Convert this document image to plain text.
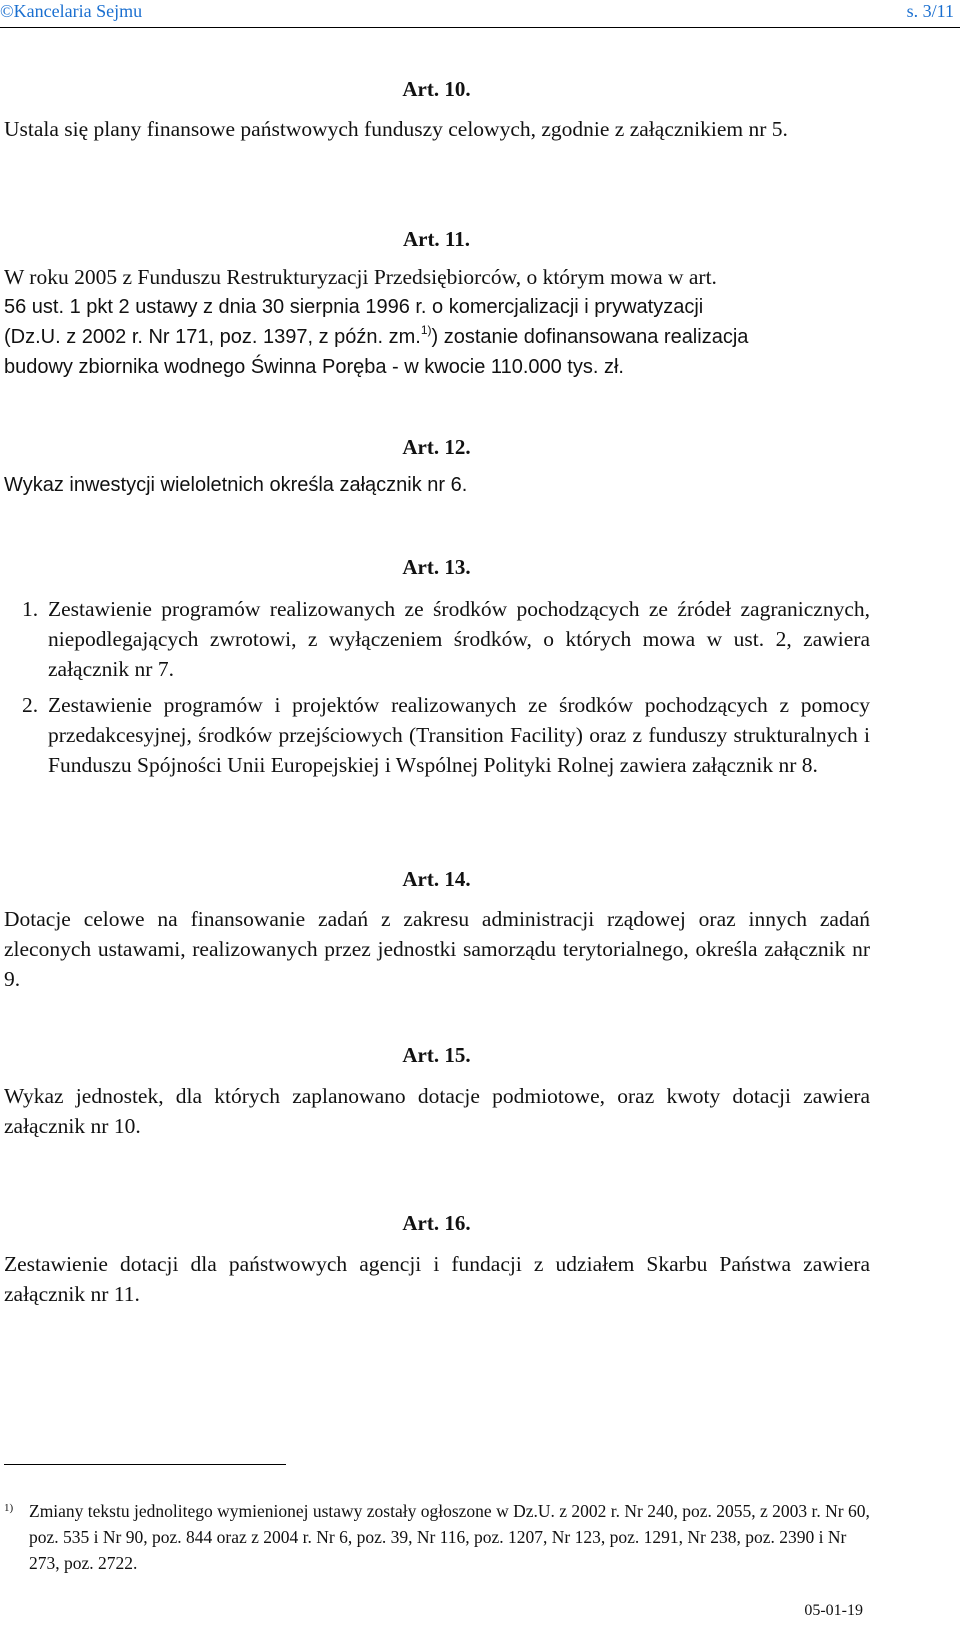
©Kancelaria Sejmu	s. 3/11
Art. 10.
Ustala się plany finansowe państwowych funduszy celowych, zgodnie z załącznikiem nr 5.
Art. 11.
W roku 2005 z Funduszu Restrukturyzacji Przedsiębiorców, o którym mowa w art.
56 ust. 1 pkt 2 ustawy z dnia 30 sierpnia 1996 r. o komercjalizacji i prywatyzacji
(Dz.U. z 2002 r. Nr 171, poz. 1397, z późn. zm.$^{1)}$) zostanie dofinansowana realizacja
budowy zbiornika wodnego Świnna Poręba - w kwocie 110.000 tys. zł.
Art. 12.
Wykaz inwestycji wieloletnich określa załącznik nr 6.
Art. 13.
1. Zestawienie programów realizowanych ze środków pochodzących ze źródeł zagranicznych, niepodlegających zwrotowi, z wyłączeniem środków, o których mowa w ust. 2, zawiera załącznik nr 7.
2. Zestawienie programów i projektów realizowanych ze środków pochodzących z pomocy przedakcesyjnej, środków przejściowych (Transition Facility) oraz z funduszy strukturalnych i Funduszu Spójności Unii Europejskiej i Wspólnej Polityki Rolnej zawiera załącznik nr 8.
Art. 14.
Dotacje celowe na finansowanie zadań z zakresu administracji rządowej oraz innych zadań zleconych ustawami, realizowanych przez jednostki samorządu terytorialnego, określa załącznik nr 9.
Art. 15.
Wykaz jednostek, dla których zaplanowano dotacje podmiotowe, oraz kwoty dotacji zawiera załącznik nr 10.
Art. 16.
Zestawienie dotacji dla państwowych agencji i fundacji z udziałem Skarbu Państwa zawiera załącznik nr 11.
1) Zmiany tekstu jednolitego wymienionej ustawy zostały ogłoszone w Dz.U. z 2002 r. Nr 240, poz. 2055, z 2003 r. Nr 60, poz. 535 i Nr 90, poz. 844 oraz z 2004 r. Nr 6, poz. 39, Nr 116, poz. 1207, Nr 123, poz. 1291, Nr 238, poz. 2390 i Nr 273, poz. 2722.
05-01-19
